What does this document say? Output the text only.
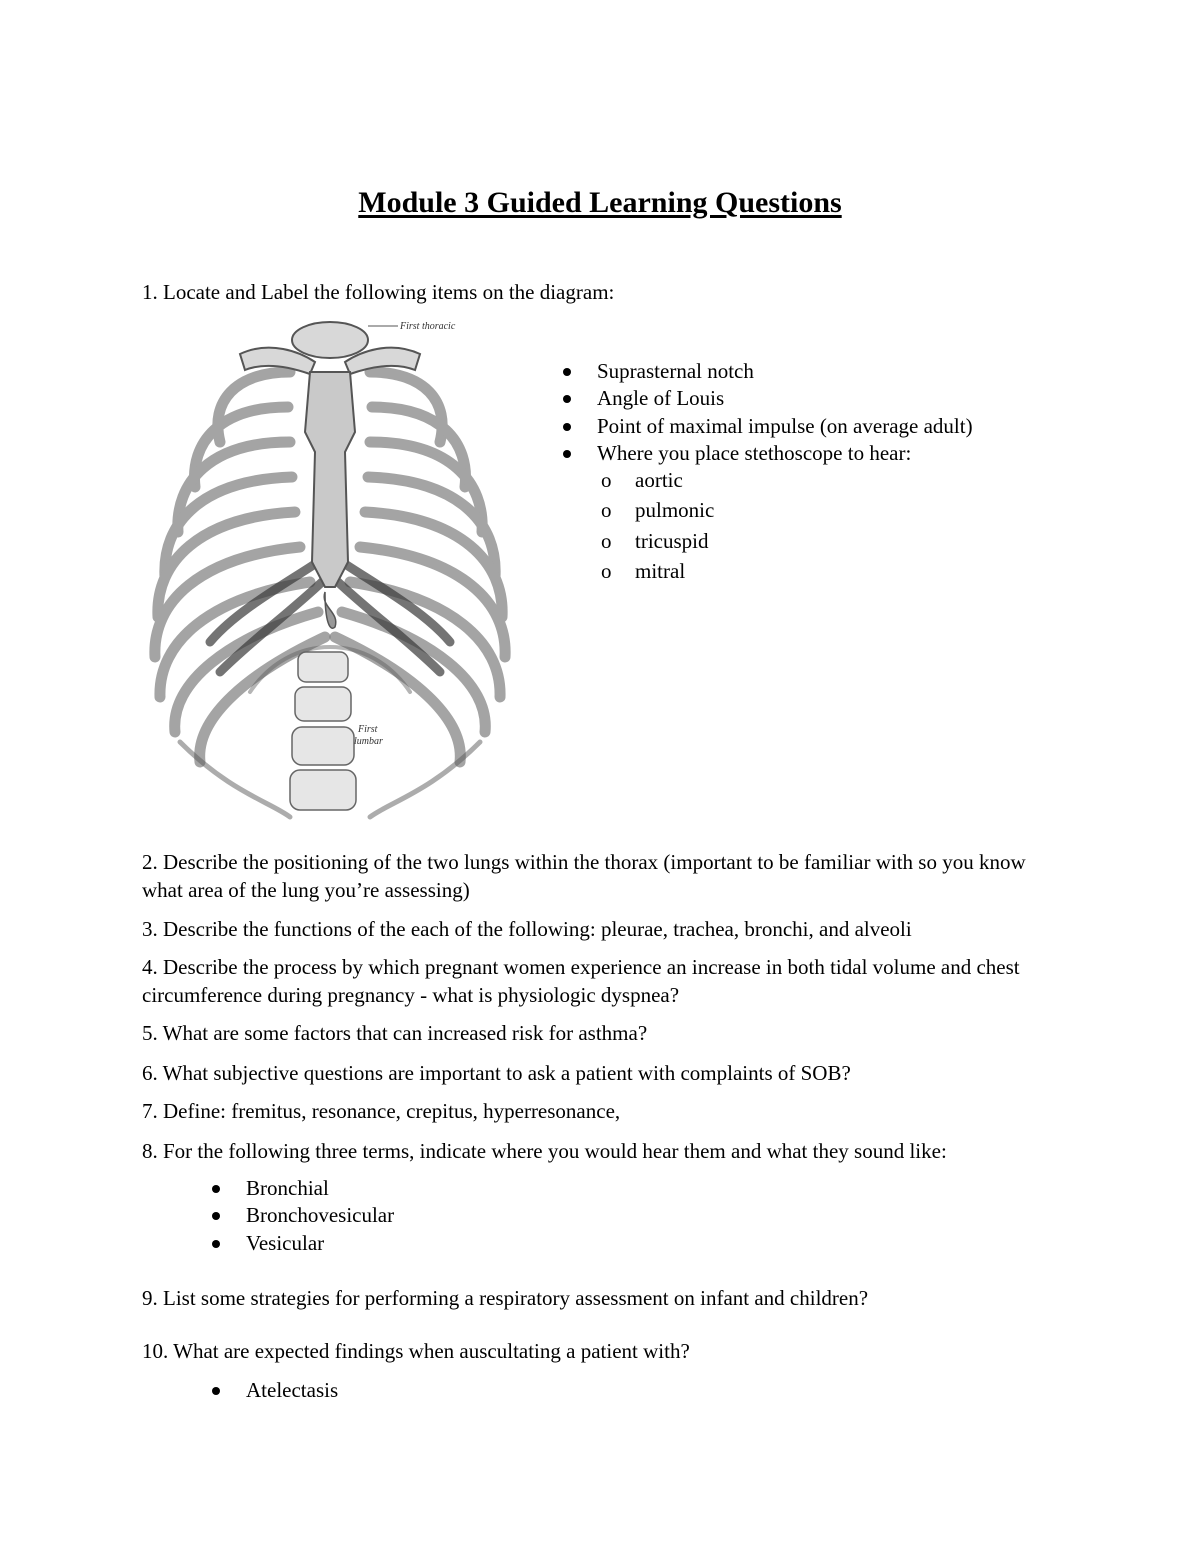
Module 3 Guided Learning Questions
1. Locate and Label the following items on the diagram:
First thoracic
First
lumbar
Suprasternal notch
Angle of Louis
Point of maximal impulse (on average adult)
Where you place stethoscope to hear:
o aortic
o pulmonic
o tricuspid
o mitral
2. Describe the positioning of the two lungs within the thorax (important to be familiar with so you know what area of the lung you’re assessing)
3. Describe the functions of the each of the following: pleurae, trachea, bronchi, and alveoli
4. Describe the process by which pregnant women experience an increase in both tidal volume and chest circumference during pregnancy - what is physiologic dyspnea?
5. What are some factors that can increased risk for asthma?
6. What subjective questions are important to ask a patient with complaints of SOB?
7. Define: fremitus, resonance, crepitus, hyperresonance,
8. For the following three terms, indicate where you would hear them and what they sound like:
Bronchial
Bronchovesicular
Vesicular
9. List some strategies for performing a respiratory assessment on infant and children?
10. What are expected findings when auscultating a patient with?
Atelectasis
